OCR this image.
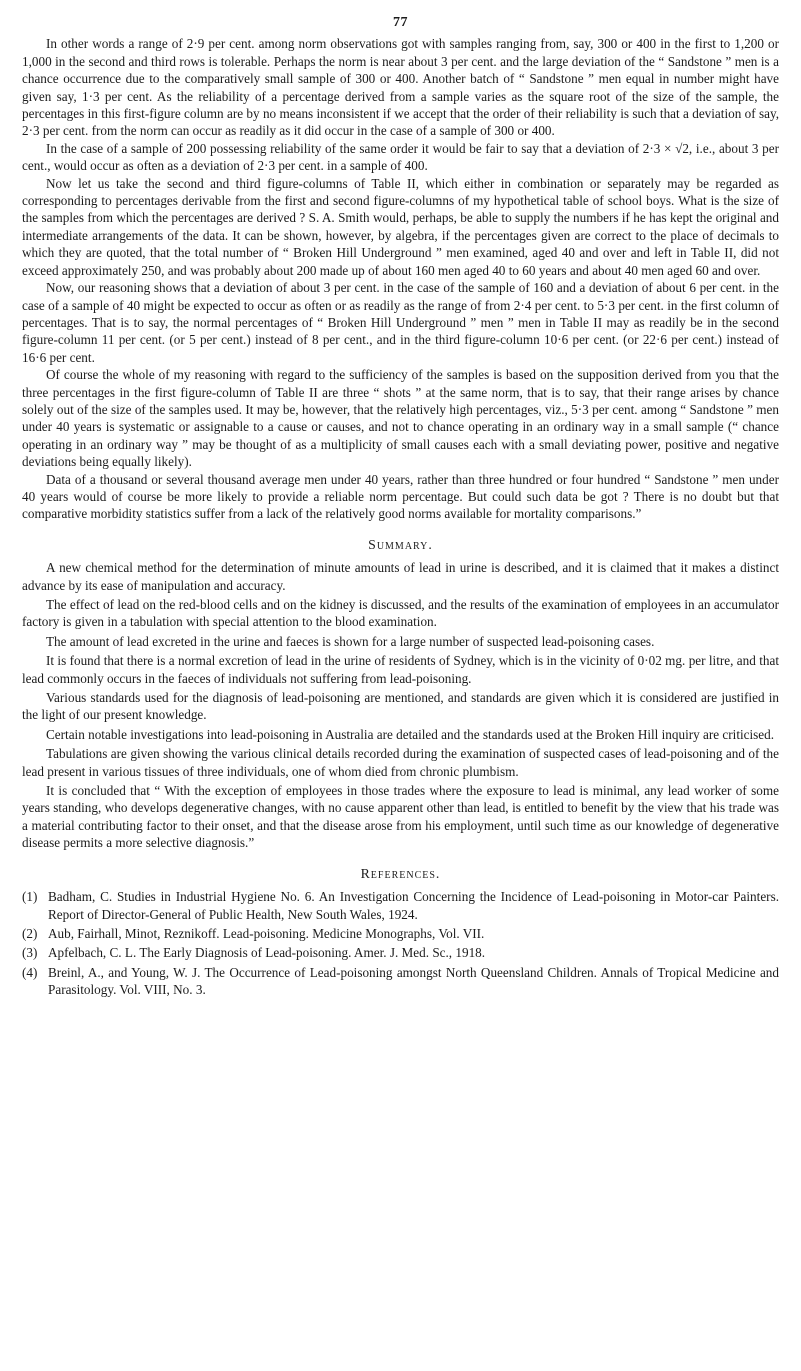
77

In other words a range of 2·9 per cent. among norm observations got with samples ranging from, say, 300 or 400 in the first to 1,200 or 1,000 in the second and third rows is tolerable. Perhaps the norm is near about 3 per cent. and the large deviation of the “ Sandstone ” men is a chance occurrence due to the comparatively small sample of 300 or 400. Another batch of “ Sandstone ” men equal in number might have given say, 1·3 per cent. As the reliability of a percentage derived from a sample varies as the square root of the size of the sample, the percentages in this first-figure column are by no means inconsistent if we accept that the order of their reliability is such that a deviation of say, 2·3 per cent. from the norm can occur as readily as it did occur in the case of a sample of 300 or 400.

In the case of a sample of 200 possessing reliability of the same order it would be fair to say that a deviation of 2·3 × √2, i.e., about 3 per cent., would occur as often as a deviation of 2·3 per cent. in a sample of 400.

Now let us take the second and third figure-columns of Table II, which either in combination or separately may be regarded as corresponding to percentages derivable from the first and second figure-columns of my hypothetical table of school boys. What is the size of the samples from which the percentages are derived ? S. A. Smith would, perhaps, be able to supply the numbers if he has kept the original and intermediate arrangements of the data. It can be shown, however, by algebra, if the percentages given are correct to the place of decimals to which they are quoted, that the total number of “ Broken Hill Underground ” men examined, aged 40 and over and left in Table II, did not exceed approximately 250, and was probably about 200 made up of about 160 men aged 40 to 60 years and about 40 men aged 60 and over.

Now, our reasoning shows that a deviation of about 3 per cent. in the case of the sample of 160 and a deviation of about 6 per cent. in the case of a sample of 40 might be expected to occur as often or as readily as the range of from 2·4 per cent. to 5·3 per cent. in the first column of percentages. That is to say, the normal percentages of “ Broken Hill Underground ” men ” men in Table II may as readily be in the second figure-column 11 per cent. (or 5 per cent.) instead of 8 per cent., and in the third figure-column 10·6 per cent. (or 22·6 per cent.) instead of 16·6 per cent.

Of course the whole of my reasoning with regard to the sufficiency of the samples is based on the supposition derived from you that the three percentages in the first figure-column of Table II are three “ shots ” at the same norm, that is to say, that their range arises by chance solely out of the size of the samples used. It may be, however, that the relatively high percentages, viz., 5·3 per cent. among “ Sandstone ” men under 40 years is systematic or assignable to a cause or causes, and not to chance operating in an ordinary way in a small sample (“ chance operating in an ordinary way ” may be thought of as a multiplicity of small causes each with a small deviating power, positive and negative deviations being equally likely).

Data of a thousand or several thousand average men under 40 years, rather than three hundred or four hundred “ Sandstone ” men under 40 years would of course be more likely to provide a reliable norm percentage. But could such data be got ? There is no doubt but that comparative morbidity statistics suffer from a lack of the relatively good norms available for mortality comparisons.”

Summary.

A new chemical method for the determination of minute amounts of lead in urine is described, and it is claimed that it makes a distinct advance by its ease of manipulation and accuracy.

The effect of lead on the red-blood cells and on the kidney is discussed, and the results of the examination of employees in an accumulator factory is given in a tabulation with special attention to the blood examination.

The amount of lead excreted in the urine and faeces is shown for a large number of suspected lead-poisoning cases.

It is found that there is a normal excretion of lead in the urine of residents of Sydney, which is in the vicinity of 0·02 mg. per litre, and that lead commonly occurs in the faeces of individuals not suffering from lead-poisoning.

Various standards used for the diagnosis of lead-poisoning are mentioned, and standards are given which it is considered are justified in the light of our present knowledge.

Certain notable investigations into lead-poisoning in Australia are detailed and the standards used at the Broken Hill inquiry are criticised.

Tabulations are given showing the various clinical details recorded during the examination of suspected cases of lead-poisoning and of the lead present in various tissues of three individuals, one of whom died from chronic plumbism.

It is concluded that “ With the exception of employees in those trades where the exposure to lead is minimal, any lead worker of some years standing, who develops degenerative changes, with no cause apparent other than lead, is entitled to benefit by the view that his trade was a material contributing factor to their onset, and that the disease arose from his employment, until such time as our knowledge of degenerative disease permits a more selective diagnosis.”

References.
(1) Badham, C. Studies in Industrial Hygiene No. 6. An Investigation Concerning the Incidence of Lead-poisoning in Motor-car Painters. Report of Director-General of Public Health, New South Wales, 1924.
(2) Aub, Fairhall, Minot, Reznikoff. Lead-poisoning. Medicine Monographs, Vol. VII.
(3) Apfelbach, C. L. The Early Diagnosis of Lead-poisoning. Amer. J. Med. Sc., 1918.
(4) Breinl, A., and Young, W. J. The Occurrence of Lead-poisoning amongst North Queensland Children. Annals of Tropical Medicine and Parasitology. Vol. VIII, No. 3.
